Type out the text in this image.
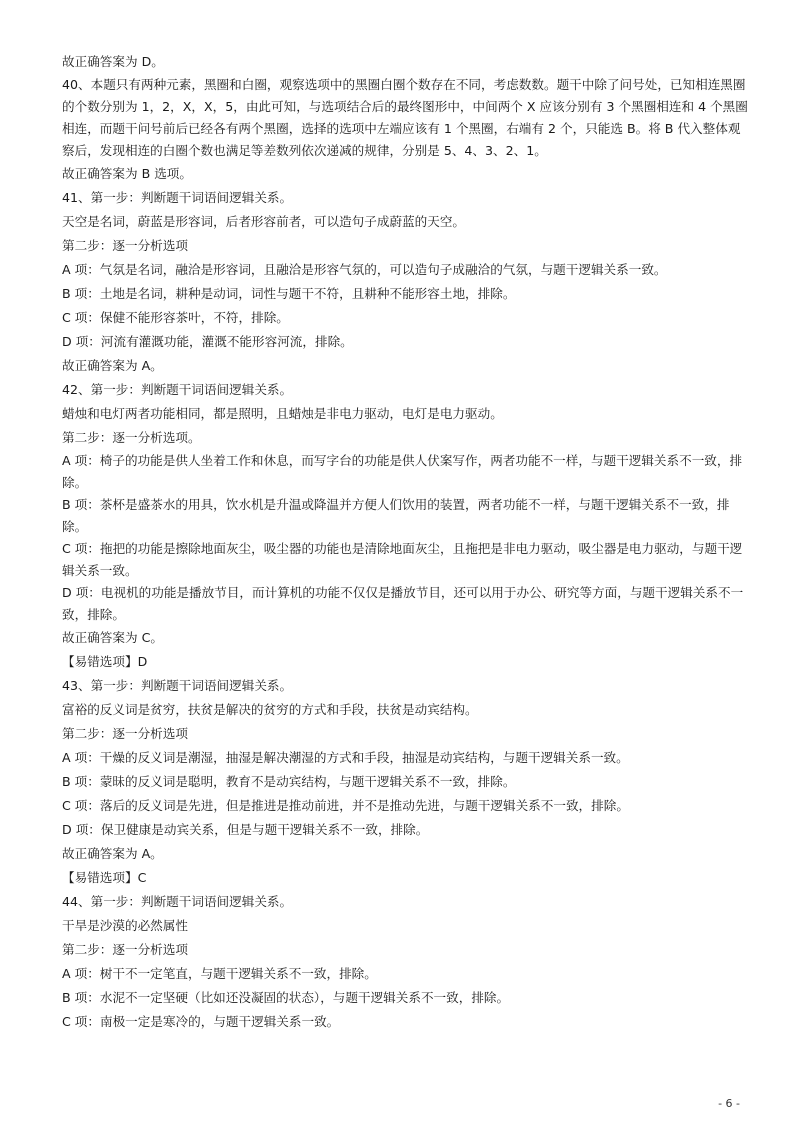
故正确答案为 D。

40、本题只有两种元素，黑圈和白圈，观察选项中的黑圈白圈个数存在不同，考虑数数。题干中除了问号处，已知相连黑圈的个数分别为 1，2，X，X，5，由此可知，与选项结合后的最终图形中，中间两个 X 应该分别有 3 个黑圈相连和 4 个黑圈相连，而题干问号前后已经各有两个黑圈，选择的选项中左端应该有 1 个黑圈，右端有 2 个，只能选 B。将 B 代入整体观察后，发现相连的白圈个数也满足等差数列依次递减的规律，分别是 5、4、3、2、1。

故正确答案为 B 选项。

41、第一步：判断题干词语间逻辑关系。

天空是名词，蔚蓝是形容词，后者形容前者，可以造句子成蔚蓝的天空。

第二步：逐一分析选项

A 项：气氛是名词，融洽是形容词，且融洽是形容气氛的，可以造句子成融洽的气氛，与题干逻辑关系一致。

B 项：土地是名词，耕种是动词，词性与题干不符，且耕种不能形容土地，排除。

C 项：保健不能形容茶叶，不符，排除。

D 项：河流有灌溉功能，灌溉不能形容河流，排除。

故正确答案为 A。

42、第一步：判断题干词语间逻辑关系。

蜡烛和电灯两者功能相同，都是照明，且蜡烛是非电力驱动，电灯是电力驱动。

第二步：逐一分析选项。

A 项：椅子的功能是供人坐着工作和休息，而写字台的功能是供人伏案写作，两者功能不一样，与题干逻辑关系不一致，排除。

B 项：茶杯是盛茶水的用具，饮水机是升温或降温并方便人们饮用的装置，两者功能不一样，与题干逻辑关系不一致，排除。

C 项：拖把的功能是擦除地面灰尘，吸尘器的功能也是清除地面灰尘，且拖把是非电力驱动，吸尘器是电力驱动，与题干逻辑关系一致。

D 项：电视机的功能是播放节目，而计算机的功能不仅仅是播放节目，还可以用于办公、研究等方面，与题干逻辑关系不一致，排除。

故正确答案为 C。

【易错选项】D

43、第一步：判断题干词语间逻辑关系。

富裕的反义词是贫穷，扶贫是解决的贫穷的方式和手段，扶贫是动宾结构。

第二步：逐一分析选项

A 项：干燥的反义词是潮湿，抽湿是解决潮湿的方式和手段，抽湿是动宾结构，与题干逻辑关系一致。

B 项：蒙昧的反义词是聪明，教育不是动宾结构，与题干逻辑关系不一致，排除。

C 项：落后的反义词是先进，但是推进是推动前进，并不是推动先进，与题干逻辑关系不一致，排除。

D 项：保卫健康是动宾关系，但是与题干逻辑关系不一致，排除。

故正确答案为 A。

【易错选项】C

44、第一步：判断题干词语间逻辑关系。

干旱是沙漠的必然属性

第二步：逐一分析选项

A 项：树干不一定笔直，与题干逻辑关系不一致，排除。

B 项：水泥不一定坚硬（比如还没凝固的状态），与题干逻辑关系不一致，排除。

C 项：南极一定是寒冷的，与题干逻辑关系一致。

- 6 -
